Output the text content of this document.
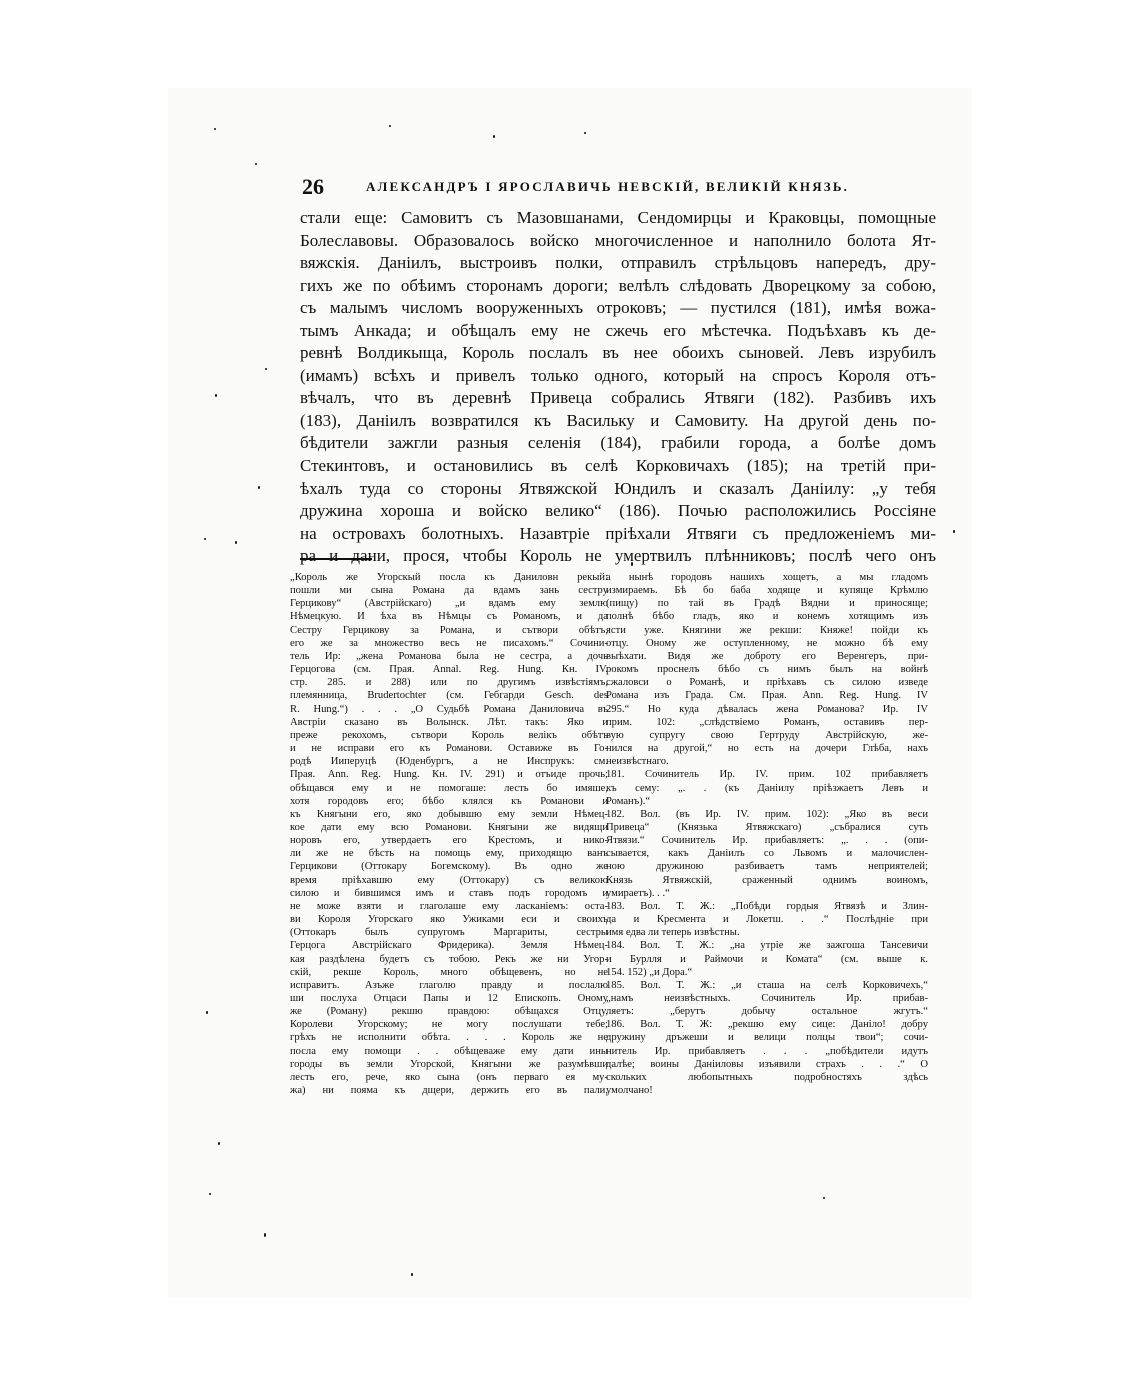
26	АЛЕКСАНДРЪ I ЯРОСЛАВИЧЬ НЕВСКІЙ, ВЕЛИКІЙ КНЯЗЬ.
стали еще: Самовитъ съ Мазовшанами, Сендомирцы и Краковцы, помощные
Болеславовы. Образовалось войско многочисленное и наполнило болота Ят-
вяжскія. Даніилъ, выстроивъ полки, отправилъ стрѣльцовъ напередъ, дру-
гихъ же по обѣимъ сторонамъ дороги; велѣлъ слѣдовать Дворецкому за собою,
съ малымъ числомъ вооруженныхъ отроковъ; — пустился (181), имѣя вожа-
тымъ Анкада; и обѣщалъ ему не сжечь его мѣстечка. Подъѣхавъ къ де-
ревнѣ Волдикыща, Король послалъ въ нее обоихъ сыновей. Левъ изрубилъ
(имамъ) всѣхъ и привелъ только одного, который на спросъ Короля отъ-
вѣчалъ, что въ деревнѣ Привеца собрались Ятвяги (182). Разбивъ ихъ
(183), Даніилъ возвратился къ Васильку и Самовиту. На другой день по-
бѣдители зажгли разныя селенія (184), грабили города, а болѣе домъ
Стекинтовъ, и остановились въ селѣ Корковичахъ (185); на третій при-
ѣхалъ туда со стороны Ятвяжской Юндилъ и сказалъ Даніилу: „у тебя
дружина хороша и войско велико“ (186). Почью расположились Россіяне
на островахъ болотныхъ. Назавтріе пріѣхали Ятвяги съ предложеніемъ ми-
ра и дани, прося, чтобы Король не умертвилъ плѣнниковъ; послѣ чего онъ
„Король же Угорскый посла къ Даниловн рекый:
пошли ми сына Романа да вдамъ зань сестру
Герцикову“ (Австрійскаго) „и вдамъ ему землю
Нѣмецкую. И ѣха въ Нѣмцы съ Романомъ, и да
Сестру Герцикову за Романа, и сътвори обѣтъ,
его же за множество весь не писахомъ.“ Сочини-
тель Ир: „жена Романова была не сестра, а дочь
Герцогова (см. Прая. Annal. Reg. Hung. Кн. IV.
стр. 285. и 288) или по другимъ извѣстіямъ,
племянница, Brudertochter (см. Гебгарди Gesch. des
R. Hung.“) . . . „О Судьбѣ Романа Даниловича въ
Австріи сказано въ Волынск. Лѣт. такъ: Яко и
преже рекохомъ, сътвори Король велікъ обѣтъ
и не исправи его къ Романови. Оставиже въ Го-
родѣ Ииперуцѣ (Юденбургъ, а не Инспрукъ: см.
Прая. Ann. Reg. Hung. Кн. IV. 291) и отъиде прочь;
обѣщався ему и не помогаше: лесть бо имяше,
хотя городовъ его; бѣбо клялся къ Романови и
къ Княгыни его, яко добывшю ему земли Нѣмец-
кое дати ему всю Романови. Княгыни же видящи
норовъ его, утвердаетъ его Крестомъ, и нико-
ли же не бѣсть на помощь ему, приходящю ванъ
Герцикови (Оттокару Богемскому). Въ одно же
время пріѣхавшю ему (Оттокару) съ великою
силою и бившимся имъ и ставъ подъ городомъ и
не може взяти и глаголаше ему ласканіемъ: оста-
ви Короля Угорскаго яко Ужиками еси и своихъ
(Оттокаръ былъ супругомъ Маргариты, сестры
Герцога Австрійскаго Фридерика). Земля Нѣмец-
кая раздѣлена будетъ съ тобою. Рекъ же ни Угор-
скій, рекше Король, много обѣщевенъ, но не
исправитъ. Азъже глаголю правду и послалю
ши послуха Отцаси Папы и 12 Епископъ. Оному
же (Роману) рекшю правдою: обѣщахся Отцу,
Королеви Угорскому; не могу послушати тебе;
грѣхъ не исполнити обѣта. . . . Король же не
посла ему помощи . . обѣщеваже ему дати ины
городы въ земли Угорской, Княгыни же разумѣвши
лесть его, рече, яко сына (онъ перваго ея му-
жа) ни пояма къ дщери, держить его въ пали,
а нынѣ городовъ нашихъ хощетъ, а мы гладомъ
измираемъ. Бѣ бо баба ходяще и купяще Крѣмлю
(пищу) по тай въ Градѣ Вядни и приносяще;
полнѣ бѣбо гладъ, яко и конемъ хотящимъ изъ
ясти уже. Княгини же рекши: Княже! пойди къ
отцу. Оному же оступленному, не можно бѣ ему
выѣхати. Видя же доброту его Веренгеръ, при-
рокомъ проснелъ бѣбо съ нимъ былъ на войнѣ
сжаловси о Романѣ, и пріѣхавъ съ силою изведе
Романа изъ Града. См. Прая. Ann. Reg. Hung. IV
295.“ Но куда дѣвалась жена Романова? Ир. IV
прим. 102: „слѣдствіемо Романъ, оставивъ пер-
вую супругу свою Гертруду Австрійскую, же-
нился на другой,“ но есть на дочери Глѣба, нахъ
неизвѣстнаго.
181. Сочинитель Ир. IV. прим. 102 прибавляетъ
къ сему: „. . (къ Даніилу пріѣзжаетъ Левъ и
Романъ).“
182. Вол. (въ Ир. IV. прим. 102): „Яко въ веси
Привеца“ (Князька Ятвяжскаго) „събралися суть
Ятвязи.“ Сочинитель Ир. прибавляетъ: „. . . (опи-
сывается, какъ Даніилъ со Львомъ и малочислен-
ною дружиною разбиваетъ тамъ неприятелей;
Князь Ятвяжскій, сраженный однимъ воиномъ,
умираетъ). . .“
183. Вол. Т. Ж.: „Побѣди гордыя Ятвязѣ и Злин-
да и Кресмента и Локетш. . .“ Послѣдніе при
имя едва ли теперь извѣстны.
184. Вол. Т. Ж.: „на утріе же зажгоша Тансевичи
и Бурлля и Раймочи и Комата“ (см. выше к.
154. 152) „и Дора.“
185. Вол. Т. Ж.: „и сташа на селѣ Корковичехъ,“
„намъ неизвѣстныхъ. Сочинитель Ир. прибав-
ляетъ: „берутъ добычу остальное жгутъ.“
186. Вол. Т. Ж: „рекшю ему сице: Даніло! добру
дружину дръжеши и велици полцы твои“; сочи-
нитель Ир. прибавляетъ . . . „побѣдители идутъ
далѣе; воины Даніиловы изъявили страхъ . . .“ О
скольких любопытныхъ подробностяхъ здѣсь
умолчано!
